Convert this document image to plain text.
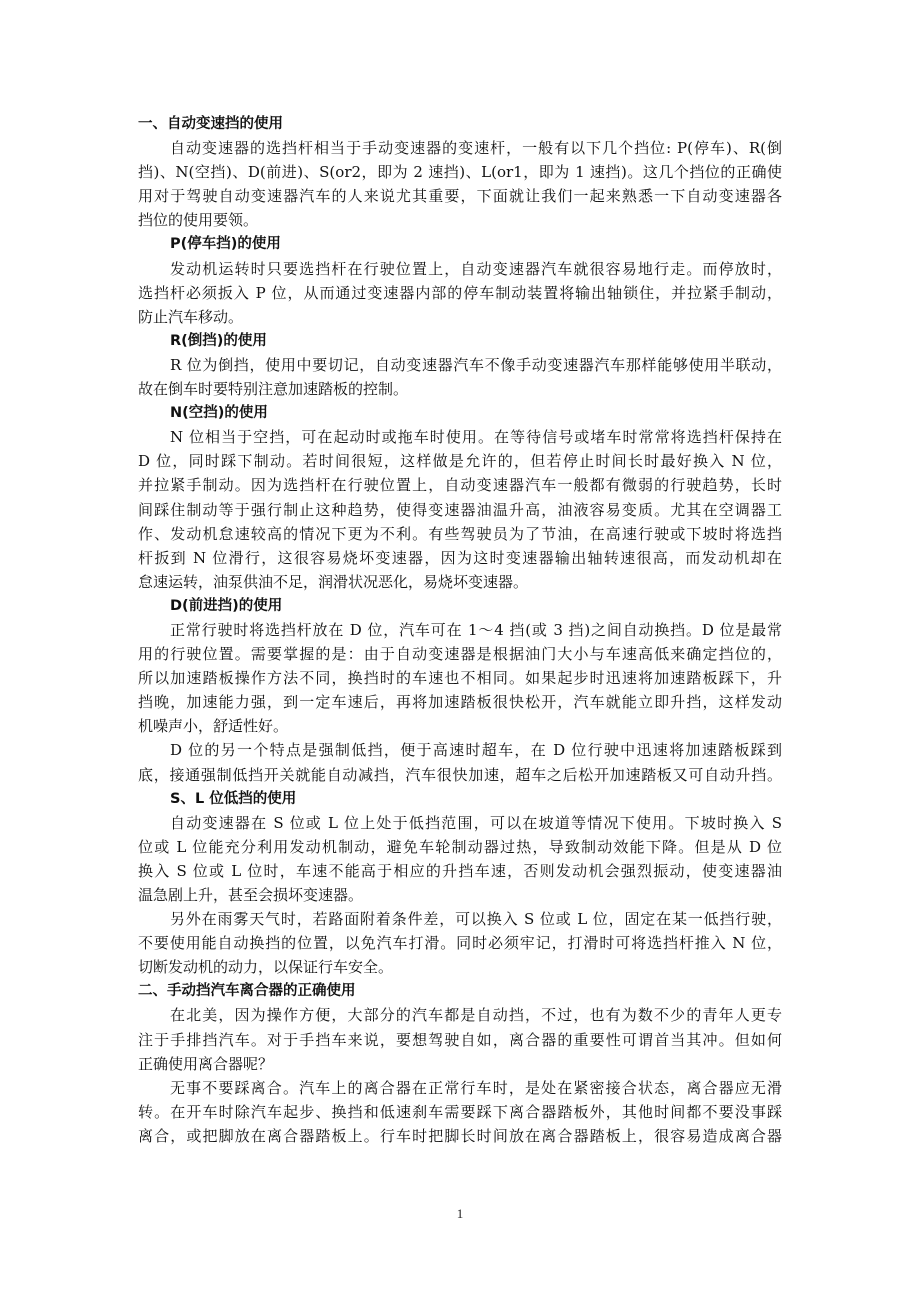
一、自动变速挡的使用
自动变速器的选挡杆相当于手动变速器的变速杆，一般有以下几个挡位: P(停车)、R(倒
挡)、N(空挡)、D(前进)、S(or2，即为 2 速挡)、L(or1，即为 1 速挡)。这几个挡位的正确使
用对于驾驶自动变速器汽车的人来说尤其重要，下面就让我们一起来熟悉一下自动变速器各
挡位的使用要领。
P(停车挡)的使用
发动机运转时只要选挡杆在行驶位置上，自动变速器汽车就很容易地行走。而停放时，
选挡杆必须扳入 P 位，从而通过变速器内部的停车制动装置将输出轴锁住，并拉紧手制动，
防止汽车移动。
R(倒挡)的使用
R 位为倒挡，使用中要切记，自动变速器汽车不像手动变速器汽车那样能够使用半联动，
故在倒车时要特别注意加速踏板的控制。
N(空挡)的使用
N 位相当于空挡，可在起动时或拖车时使用。在等待信号或堵车时常常将选挡杆保持在
D 位，同时踩下制动。若时间很短，这样做是允许的，但若停止时间长时最好换入 N 位，
并拉紧手制动。因为选挡杆在行驶位置上，自动变速器汽车一般都有微弱的行驶趋势，长时
间踩住制动等于强行制止这种趋势，使得变速器油温升高，油液容易变质。尤其在空调器工
作、发动机怠速较高的情况下更为不利。有些驾驶员为了节油，在高速行驶或下坡时将选挡
杆扳到 N 位滑行，这很容易烧坏变速器，因为这时变速器输出轴转速很高，而发动机却在
怠速运转，油泵供油不足，润滑状况恶化，易烧坏变速器。
D(前进挡)的使用
正常行驶时将选挡杆放在 D 位，汽车可在 1～4 挡(或 3 挡)之间自动换挡。D 位是最常
用的行驶位置。需要掌握的是：由于自动变速器是根据油门大小与车速高低来确定挡位的，
所以加速踏板操作方法不同，换挡时的车速也不相同。如果起步时迅速将加速踏板踩下，升
挡晚，加速能力强，到一定车速后，再将加速踏板很快松开，汽车就能立即升挡，这样发动
机噪声小，舒适性好。
D 位的另一个特点是强制低挡，便于高速时超车，在 D 位行驶中迅速将加速踏板踩到
底，接通强制低挡开关就能自动减挡，汽车很快加速，超车之后松开加速踏板又可自动升挡。
S、L 位低挡的使用
自动变速器在 S 位或 L 位上处于低挡范围，可以在坡道等情况下使用。下坡时换入 S
位或 L 位能充分利用发动机制动，避免车轮制动器过热，导致制动效能下降。但是从 D 位
换入 S 位或 L 位时，车速不能高于相应的升挡车速，否则发动机会强烈振动，使变速器油
温急剧上升，甚至会损坏变速器。
另外在雨雾天气时，若路面附着条件差，可以换入 S 位或 L 位，固定在某一低挡行驶，
不要使用能自动换挡的位置，以免汽车打滑。同时必须牢记，打滑时可将选挡杆推入 N 位，
切断发动机的动力，以保证行车安全。
二、手动挡汽车离合器的正确使用
在北美，因为操作方便，大部分的汽车都是自动挡，不过，也有为数不少的青年人更专
注于手排挡汽车。对于手挡车来说，要想驾驶自如，离合器的重要性可谓首当其冲。但如何
正确使用离合器呢？
无事不要踩离合。汽车上的离合器在正常行车时，是处在紧密接合状态，离合器应无滑
转。在开车时除汽车起步、换挡和低速刹车需要踩下离合器踏板外，其他时间都不要没事踩
离合，或把脚放在离合器踏板上。行车时把脚长时间放在离合器踏板上，很容易造成离合器
1
